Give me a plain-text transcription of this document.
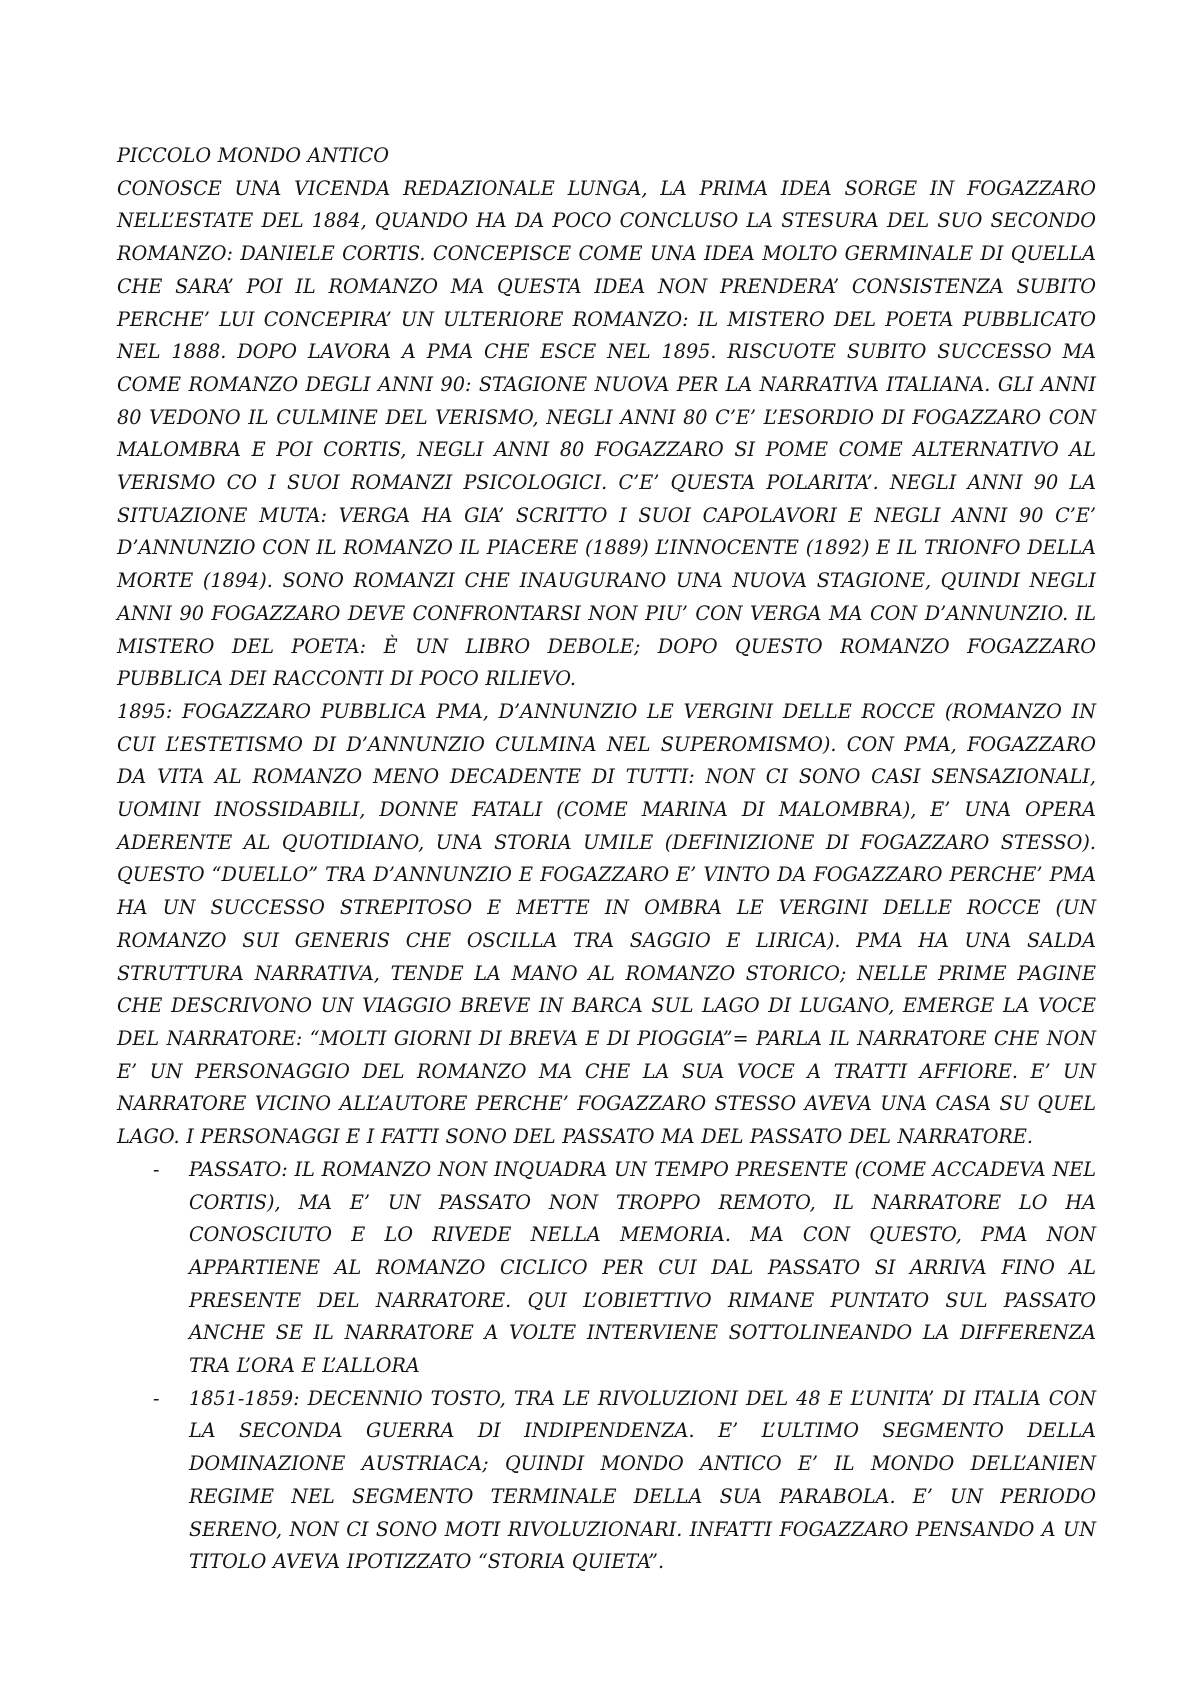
PICCOLO MONDO ANTICO

CONOSCE UNA VICENDA REDAZIONALE LUNGA, LA PRIMA IDEA SORGE IN FOGAZZARO NELL’ESTATE DEL 1884, QUANDO HA DA POCO CONCLUSO LA STESURA DEL SUO SECONDO ROMANZO: DANIELE CORTIS. CONCEPISCE COME UNA IDEA MOLTO GERMINALE DI QUELLA CHE SARA’ POI IL ROMANZO MA QUESTA IDEA NON PRENDERA’ CONSISTENZA SUBITO PERCHE’ LUI CONCEPIRA’ UN ULTERIORE ROMANZO: IL MISTERO DEL POETA PUBBLICATO NEL 1888. DOPO LAVORA A PMA CHE ESCE NEL 1895. RISCUOTE SUBITO SUCCESSO MA COME ROMANZO DEGLI ANNI 90: STAGIONE NUOVA PER LA NARRATIVA ITALIANA. GLI ANNI 80 VEDONO IL CULMINE DEL VERISMO, NEGLI ANNI 80 C’E’ L’ESORDIO DI FOGAZZARO CON MALOMBRA E POI CORTIS, NEGLI ANNI 80 FOGAZZARO SI POME COME ALTERNATIVO AL VERISMO CO I SUOI ROMANZI PSICOLOGICI. C’E’ QUESTA POLARITA’. NEGLI ANNI 90 LA SITUAZIONE MUTA: VERGA HA GIA’ SCRITTO I SUOI CAPOLAVORI E NEGLI ANNI 90 C’E’ D’ANNUNZIO CON IL ROMANZO IL PIACERE (1889) L’INNOCENTE (1892) E IL TRIONFO DELLA MORTE (1894). SONO ROMANZI CHE INAUGURANO UNA NUOVA STAGIONE, QUINDI NEGLI ANNI 90 FOGAZZARO DEVE CONFRONTARSI NON PIU’ CON VERGA MA CON D’ANNUNZIO. IL MISTERO DEL POETA: È UN LIBRO DEBOLE; DOPO QUESTO ROMANZO FOGAZZARO PUBBLICA DEI RACCONTI DI POCO RILIEVO.

1895: FOGAZZARO PUBBLICA PMA, D’ANNUNZIO LE VERGINI DELLE ROCCE (ROMANZO IN CUI L’ESTETISMO DI D’ANNUNZIO CULMINA NEL SUPEROMISMO). CON PMA, FOGAZZARO DA VITA AL ROMANZO MENO DECADENTE DI TUTTI: NON CI SONO CASI SENSAZIONALI, UOMINI INOSSIDABILI, DONNE FATALI (COME MARINA DI MALOMBRA), E’ UNA OPERA ADERENTE AL QUOTIDIANO, UNA STORIA UMILE (DEFINIZIONE DI FOGAZZARO STESSO). QUESTO “DUELLO” TRA D’ANNUNZIO E FOGAZZARO E’ VINTO DA FOGAZZARO PERCHE’ PMA HA UN SUCCESSO STREPITOSO E METTE IN OMBRA LE VERGINI DELLE ROCCE (UN ROMANZO SUI GENERIS CHE OSCILLA TRA SAGGIO E LIRICA). PMA HA UNA SALDA STRUTTURA NARRATIVA, TENDE LA MANO AL ROMANZO STORICO; NELLE PRIME PAGINE CHE DESCRIVONO UN VIAGGIO BREVE IN BARCA SUL LAGO DI LUGANO, EMERGE LA VOCE DEL NARRATORE: “MOLTI GIORNI DI BREVA E DI PIOGGIA”= PARLA IL NARRATORE CHE NON E’ UN PERSONAGGIO DEL ROMANZO MA CHE LA SUA VOCE A TRATTI AFFIORE. E’ UN NARRATORE VICINO ALL’AUTORE PERCHE’ FOGAZZARO STESSO AVEVA UNA CASA SU QUEL LAGO. I PERSONAGGI E I FATTI SONO DEL PASSATO MA DEL PASSATO DEL NARRATORE.

- PASSATO: IL ROMANZO NON INQUADRA UN TEMPO PRESENTE (COME ACCADEVA NEL CORTIS), MA E’ UN PASSATO NON TROPPO REMOTO, IL NARRATORE LO HA CONOSCIUTO E LO RIVEDE NELLA MEMORIA. MA CON QUESTO, PMA NON APPARTIENE AL ROMANZO CICLICO PER CUI DAL PASSATO SI ARRIVA FINO AL PRESENTE DEL NARRATORE. QUI L’OBIETTIVO RIMANE PUNTATO SUL PASSATO ANCHE SE IL NARRATORE A VOLTE INTERVIENE SOTTOLINEANDO LA DIFFERENZA TRA L’ORA E L’ALLORA
- 1851-1859: DECENNIO TOSTO, TRA LE RIVOLUZIONI DEL 48 E L’UNITA’ DI ITALIA CON LA SECONDA GUERRA DI INDIPENDENZA. E’ L’ULTIMO SEGMENTO DELLA DOMINAZIONE AUSTRIACA; QUINDI MONDO ANTICO E’ IL MONDO DELL’ANIEN REGIME NEL SEGMENTO TERMINALE DELLA SUA PARABOLA. E’ UN PERIODO SERENO, NON CI SONO MOTI RIVOLUZIONARI. INFATTI FOGAZZARO PENSANDO A UN TITOLO AVEVA IPOTIZZATO “STORIA QUIETA”.
